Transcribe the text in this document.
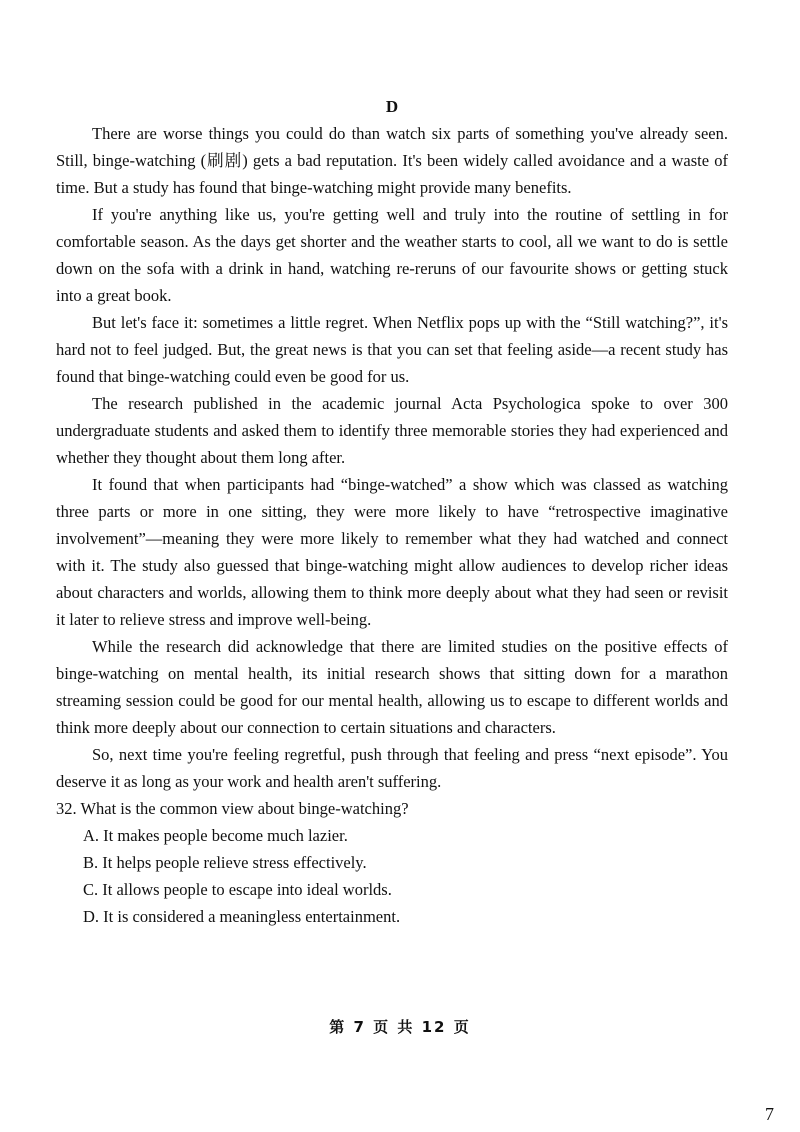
D

There are worse things you could do than watch six parts of something you've already seen. Still, binge-watching (刷剧) gets a bad reputation. It's been widely called avoidance and a waste of time. But a study has found that binge-watching might provide many benefits.

If you're anything like us, you're getting well and truly into the routine of settling in for comfortable season. As the days get shorter and the weather starts to cool, all we want to do is settle down on the sofa with a drink in hand, watching re-reruns of our favourite shows or getting stuck into a great book.

But let's face it: sometimes a little regret. When Netflix pops up with the “Still watching?”, it's hard not to feel judged. But, the great news is that you can set that feeling aside—a recent study has found that binge-watching could even be good for us.

The research published in the academic journal Acta Psychologica spoke to over 300 undergraduate students and asked them to identify three memorable stories they had experienced and whether they thought about them long after.

It found that when participants had “binge-watched” a show which was classed as watching three parts or more in one sitting, they were more likely to have “retrospective imaginative involvement”—meaning they were more likely to remember what they had watched and connect with it. The study also guessed that binge-watching might allow audiences to develop richer ideas about characters and worlds, allowing them to think more deeply about what they had seen or revisit it later to relieve stress and improve well-being.

While the research did acknowledge that there are limited studies on the positive effects of binge-watching on mental health, its initial research shows that sitting down for a marathon streaming session could be good for our mental health, allowing us to escape to different worlds and think more deeply about our connection to certain situations and characters.

So, next time you're feeling regretful, push through that feeling and press “next episode”. You deserve it as long as your work and health aren't suffering.

32. What is the common view about binge-watching?

A. It makes people become much lazier.

B. It helps people relieve stress effectively.

C. It allows people to escape into ideal worlds.

D. It is considered a meaningless entertainment.

第 7 页 共 12 页
7
